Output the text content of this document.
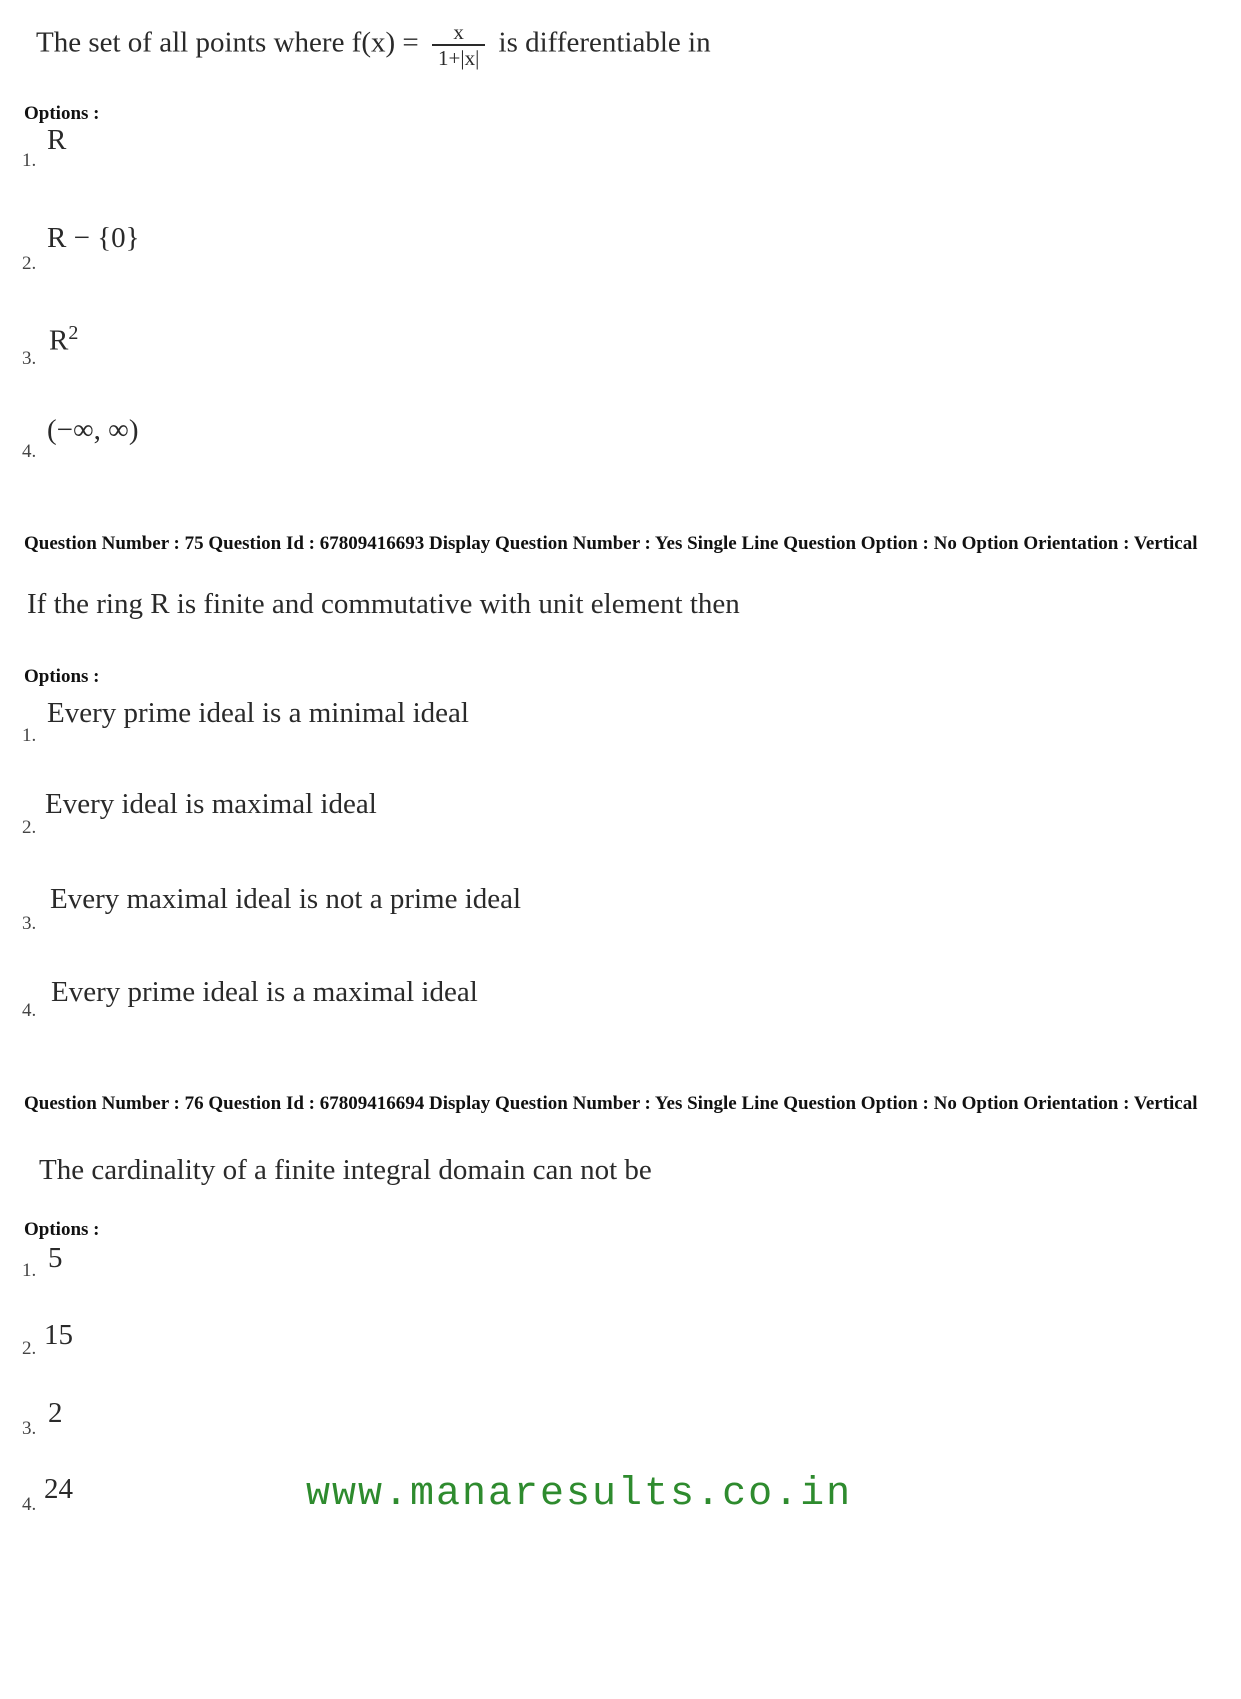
The set of all points where $f(x) = \frac{x}{1+|x|}$ is differentiable in
Options :
1.
R
2.
R − {0}
3.
$R^2$
4.
(−∞, ∞)
Question Number : 75 Question Id : 67809416693 Display Question Number : Yes Single Line Question Option : No Option Orientation : Vertical
If the ring R is finite and commutative with unit element then
Options :
1.
Every prime ideal is a minimal ideal
2.
Every ideal is maximal ideal
3.
Every maximal ideal is not a prime ideal
4.
Every prime ideal is a maximal ideal
Question Number : 76 Question Id : 67809416694 Display Question Number : Yes Single Line Question Option : No Option Orientation : Vertical
The cardinality of a finite integral domain can not be
Options :
1. 5
2. 15
3. 2
4. 24	www.manaresults.co.in
